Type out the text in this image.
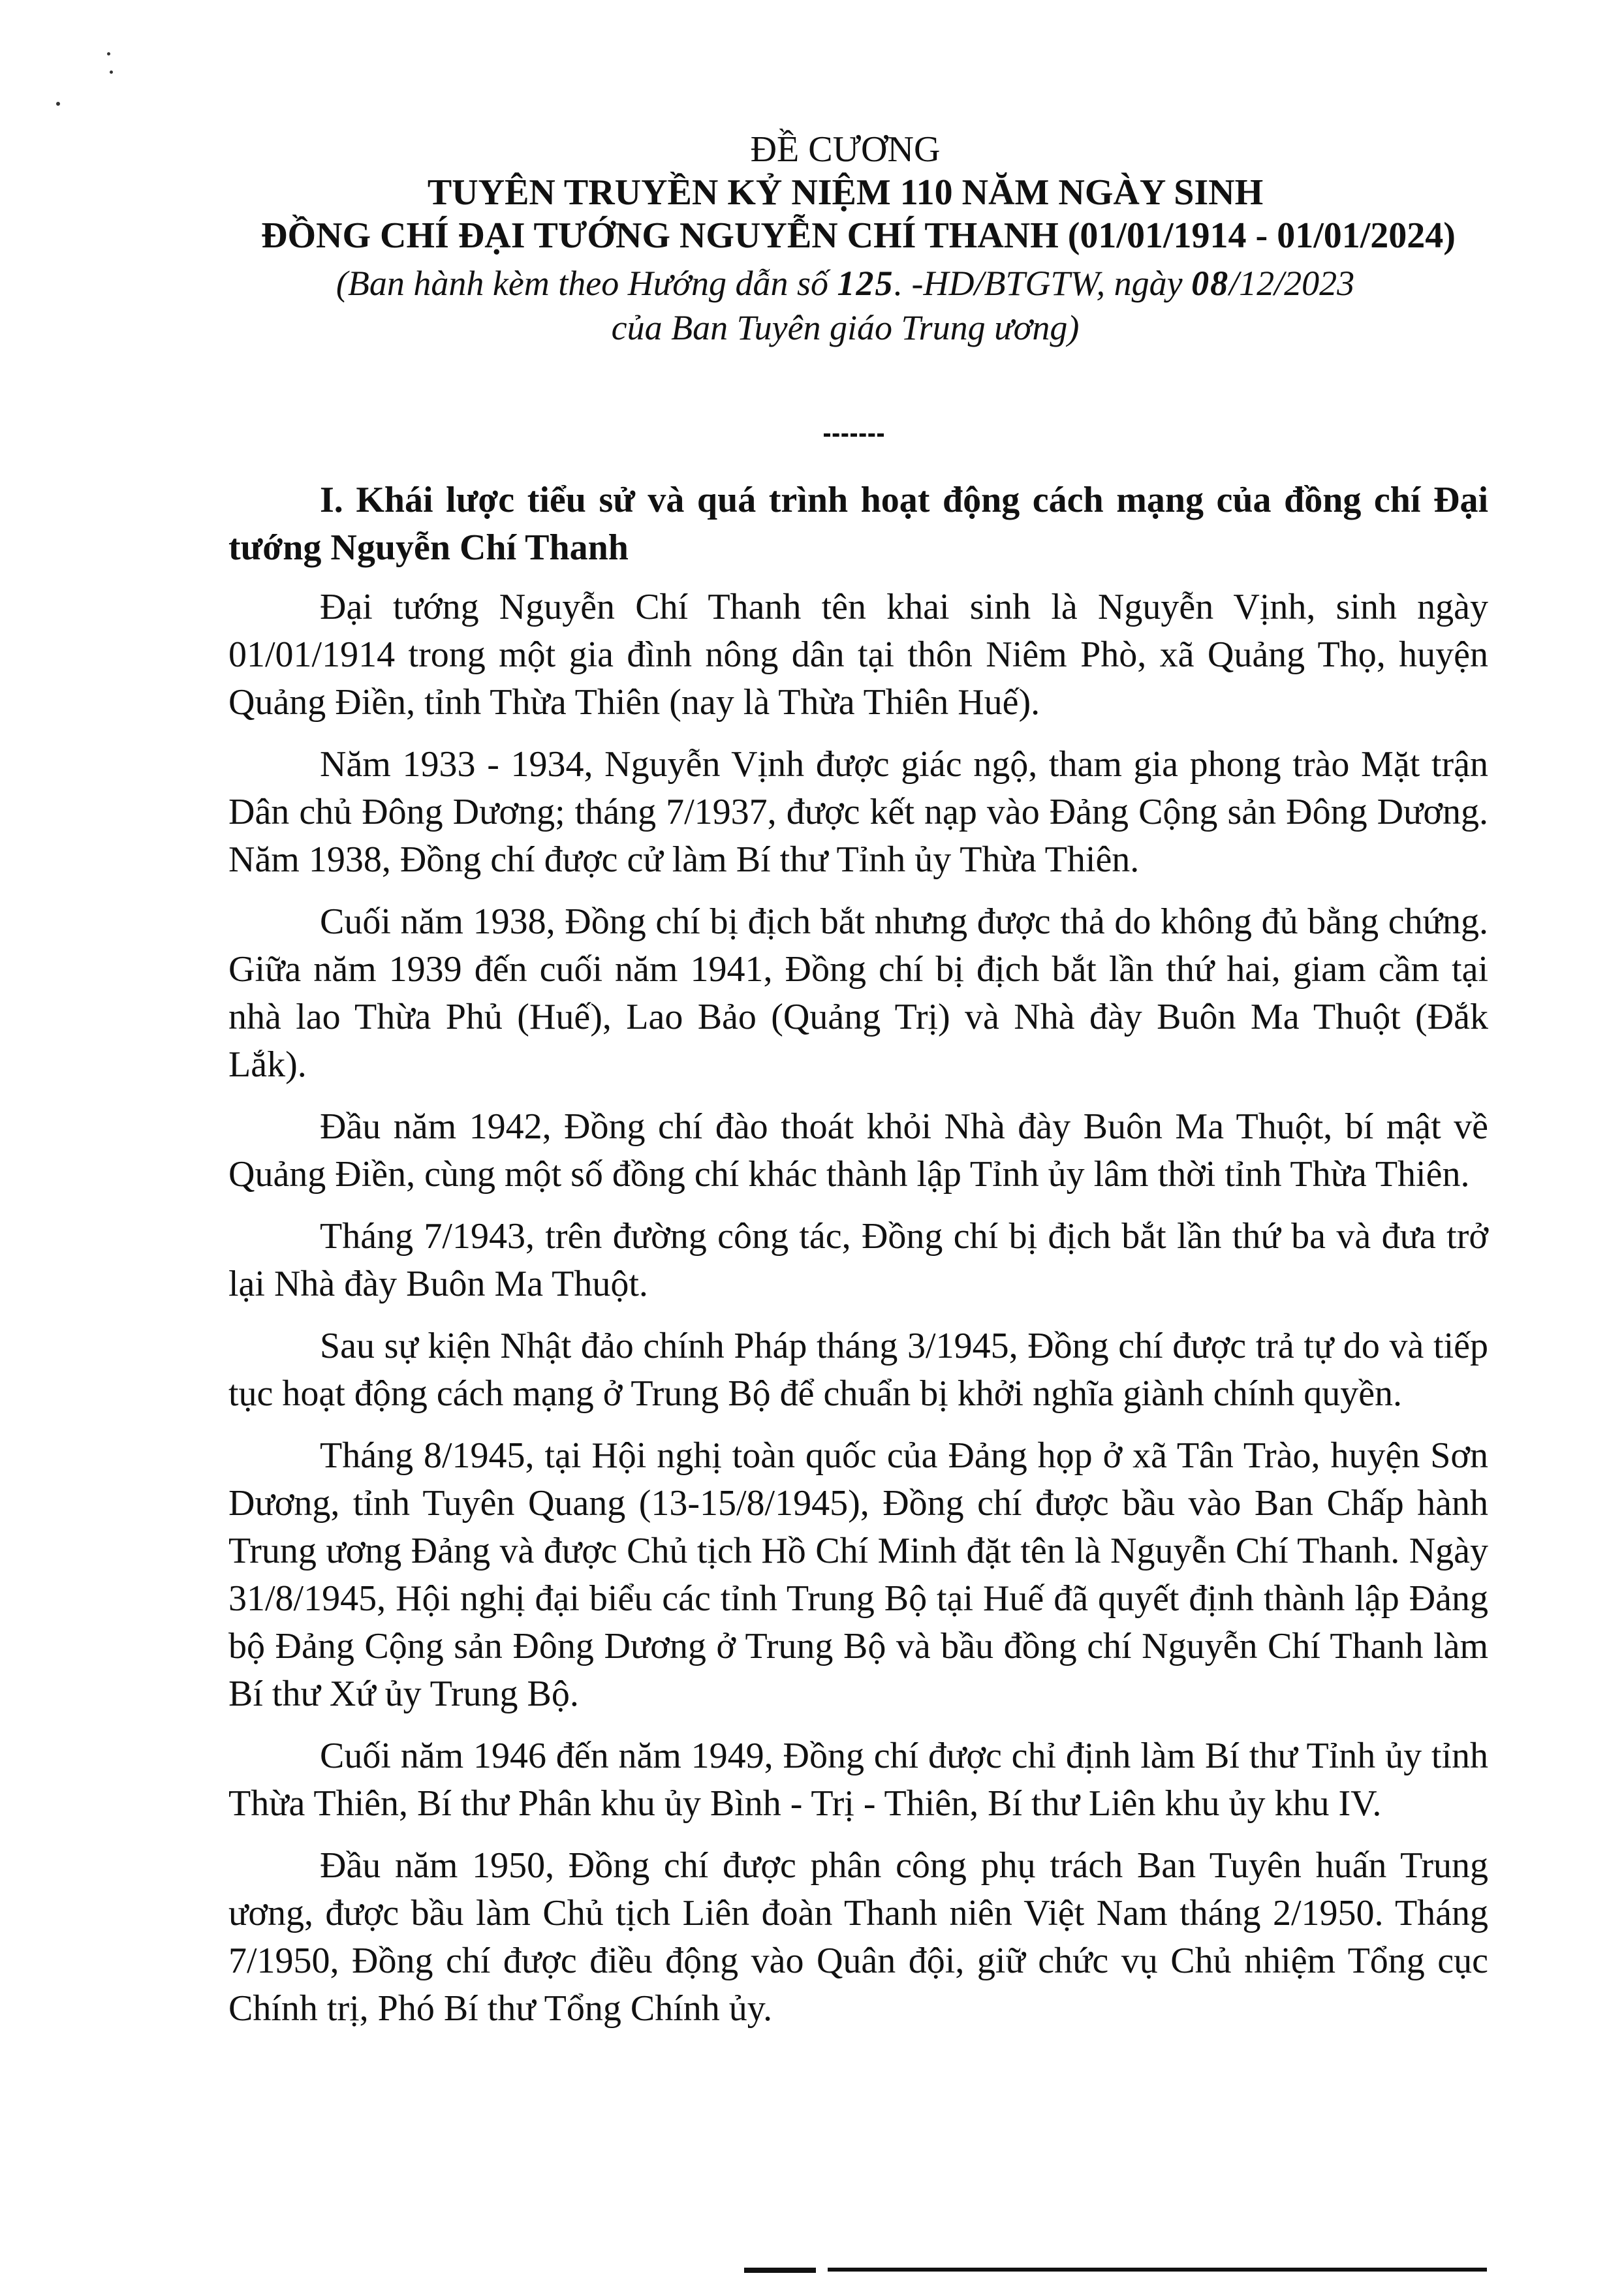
ĐỀ CƯƠNG
TUYÊN TRUYỀN KỶ NIỆM 110 NĂM NGÀY SINH
ĐỒNG CHÍ ĐẠI TƯỚNG NGUYỄN CHÍ THANH (01/01/1914 - 01/01/2024)
(Ban hành kèm theo Hướng dẫn số 125. -HD/BTGTW, ngày 08/12/2023
của Ban Tuyên giáo Trung ương)

I. Khái lược tiểu sử và quá trình hoạt động cách mạng của đồng chí Đại tướng Nguyễn Chí Thanh

Đại tướng Nguyễn Chí Thanh tên khai sinh là Nguyễn Vịnh, sinh ngày 01/01/1914 trong một gia đình nông dân tại thôn Niêm Phò, xã Quảng Thọ, huyện Quảng Điền, tỉnh Thừa Thiên (nay là Thừa Thiên Huế).

Năm 1933 - 1934, Nguyễn Vịnh được giác ngộ, tham gia phong trào Mặt trận Dân chủ Đông Dương; tháng 7/1937, được kết nạp vào Đảng Cộng sản Đông Dương. Năm 1938, Đồng chí được cử làm Bí thư Tỉnh ủy Thừa Thiên.

Cuối năm 1938, Đồng chí bị địch bắt nhưng được thả do không đủ bằng chứng. Giữa năm 1939 đến cuối năm 1941, Đồng chí bị địch bắt lần thứ hai, giam cầm tại nhà lao Thừa Phủ (Huế), Lao Bảo (Quảng Trị) và Nhà đày Buôn Ma Thuột (Đắk Lắk).

Đầu năm 1942, Đồng chí đào thoát khỏi Nhà đày Buôn Ma Thuột, bí mật về Quảng Điền, cùng một số đồng chí khác thành lập Tỉnh ủy lâm thời tỉnh Thừa Thiên.

Tháng 7/1943, trên đường công tác, Đồng chí bị địch bắt lần thứ ba và đưa trở lại Nhà đày Buôn Ma Thuột.

Sau sự kiện Nhật đảo chính Pháp tháng 3/1945, Đồng chí được trả tự do và tiếp tục hoạt động cách mạng ở Trung Bộ để chuẩn bị khởi nghĩa giành chính quyền.

Tháng 8/1945, tại Hội nghị toàn quốc của Đảng họp ở xã Tân Trào, huyện Sơn Dương, tỉnh Tuyên Quang (13-15/8/1945), Đồng chí được bầu vào Ban Chấp hành Trung ương Đảng và được Chủ tịch Hồ Chí Minh đặt tên là Nguyễn Chí Thanh. Ngày 31/8/1945, Hội nghị đại biểu các tỉnh Trung Bộ tại Huế đã quyết định thành lập Đảng bộ Đảng Cộng sản Đông Dương ở Trung Bộ và bầu đồng chí Nguyễn Chí Thanh làm Bí thư Xứ ủy Trung Bộ.

Cuối năm 1946 đến năm 1949, Đồng chí được chỉ định làm Bí thư Tỉnh ủy tỉnh Thừa Thiên, Bí thư Phân khu ủy Bình - Trị - Thiên, Bí thư Liên khu ủy khu IV.

Đầu năm 1950, Đồng chí được phân công phụ trách Ban Tuyên huấn Trung ương, được bầu làm Chủ tịch Liên đoàn Thanh niên Việt Nam tháng 2/1950. Tháng 7/1950, Đồng chí được điều động vào Quân đội, giữ chức vụ Chủ nhiệm Tổng cục Chính trị, Phó Bí thư Tổng Chính ủy.
